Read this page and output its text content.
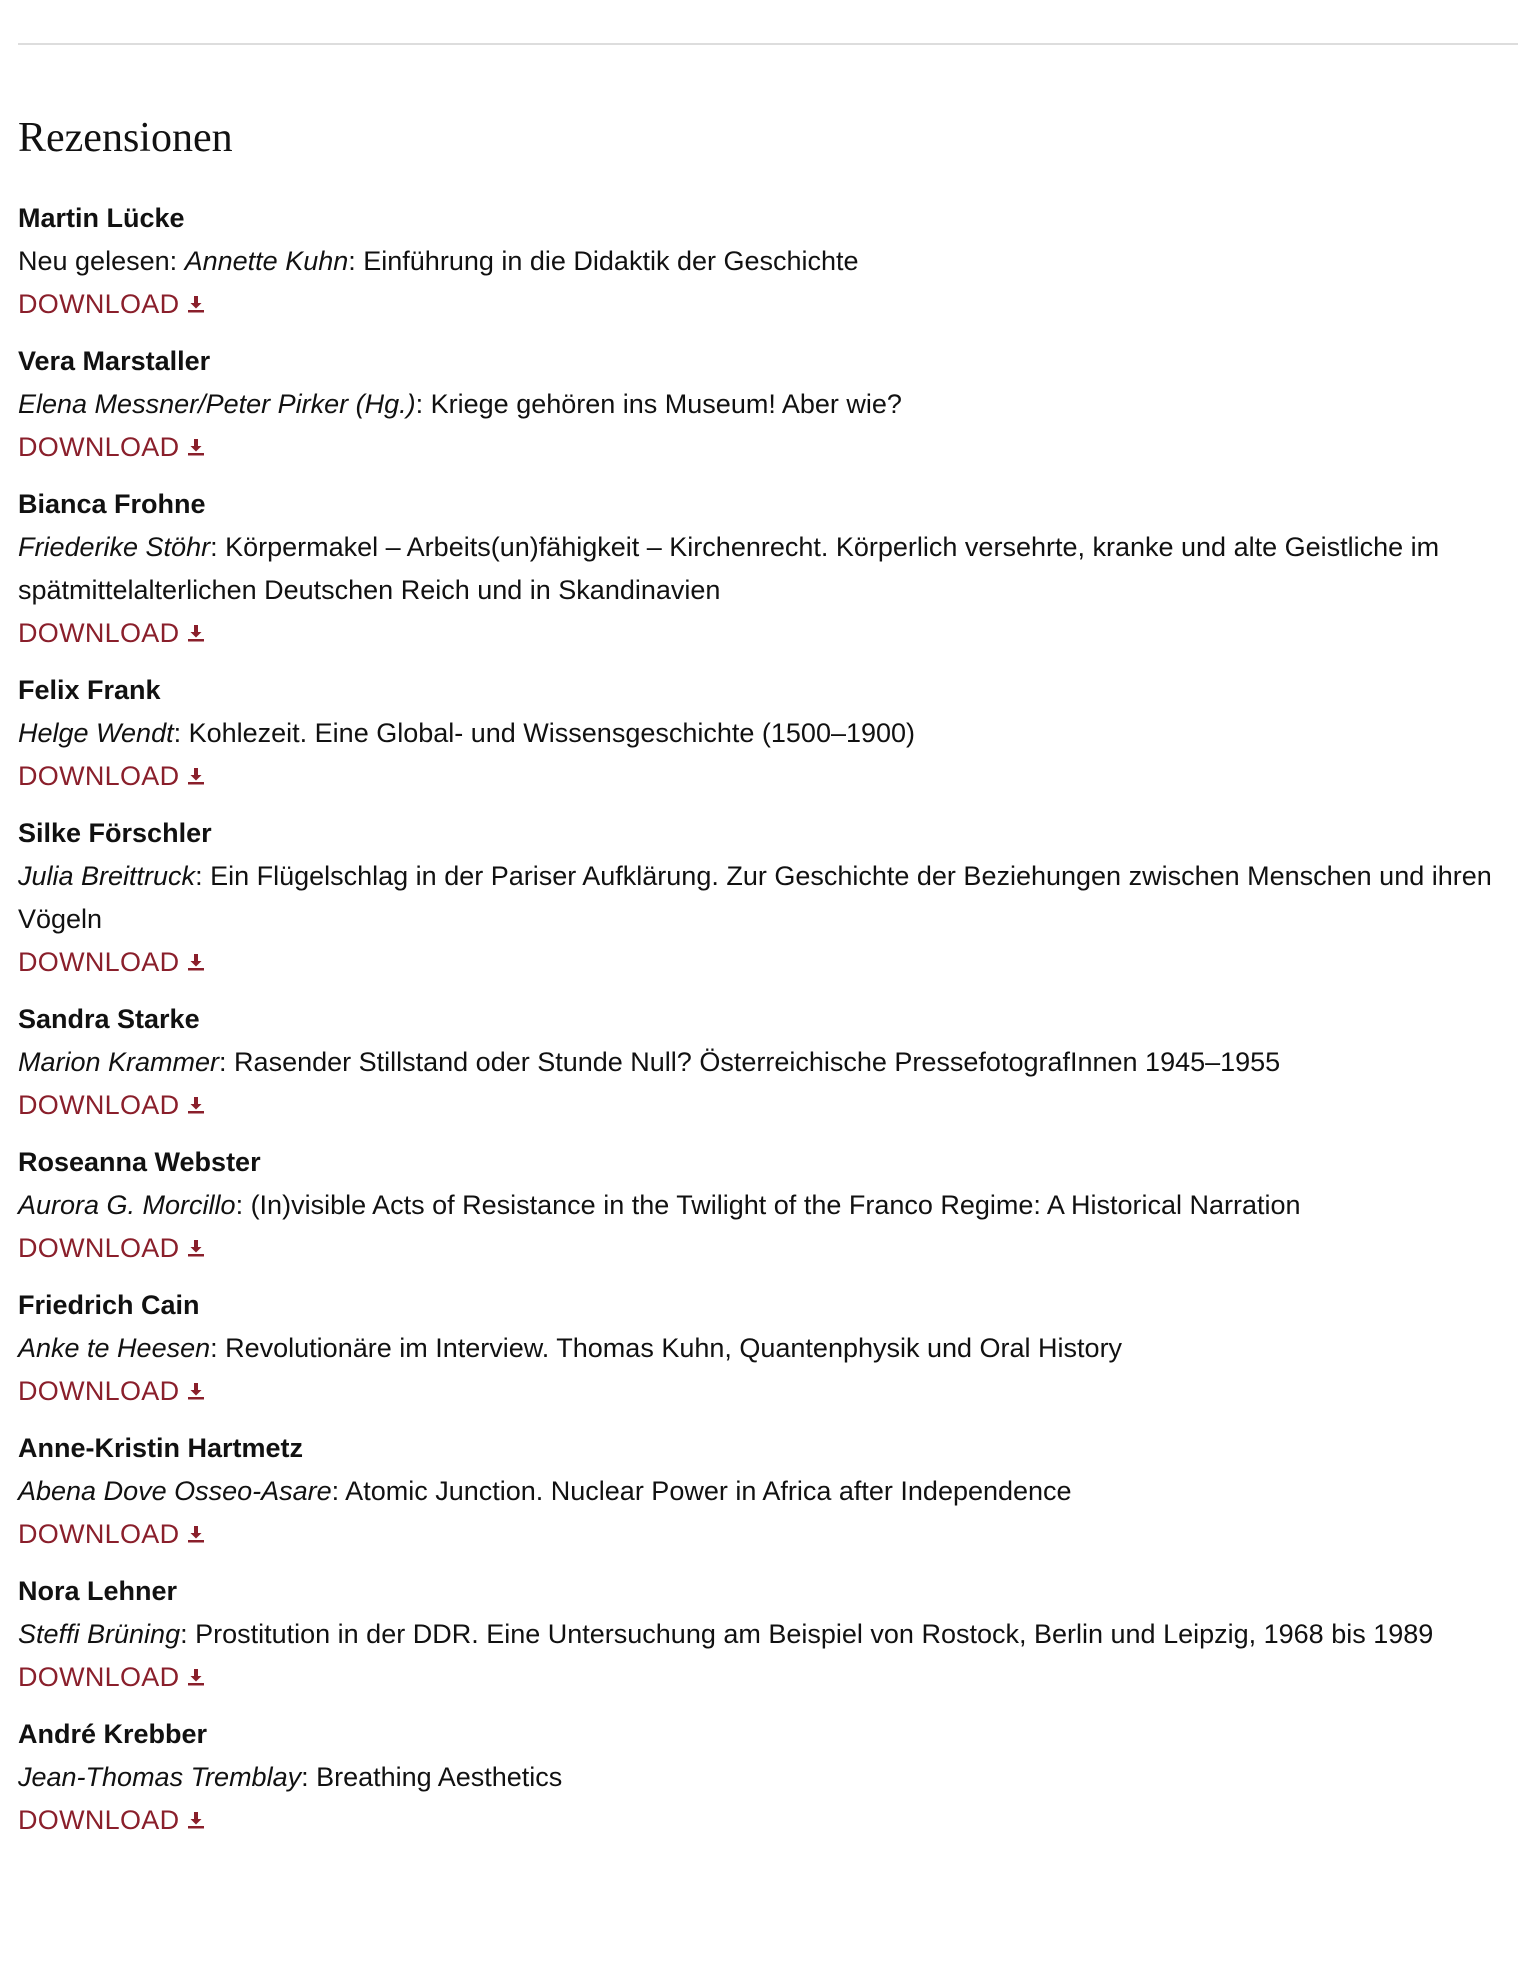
Rezensionen
Martin Lücke
Neu gelesen: Annette Kuhn: Einführung in die Didaktik der Geschichte
DOWNLOAD
Vera Marstaller
Elena Messner/Peter Pirker (Hg.): Kriege gehören ins Museum! Aber wie?
DOWNLOAD
Bianca Frohne
Friederike Stöhr: Körpermakel – Arbeits(un)fähigkeit – Kirchenrecht. Körperlich versehrte, kranke und alte Geistliche im spätmittelalterlichen Deutschen Reich und in Skandinavien
DOWNLOAD
Felix Frank
Helge Wendt: Kohlezeit. Eine Global- und Wissensgeschichte (1500–1900)
DOWNLOAD
Silke Förschler
Julia Breittruck: Ein Flügelschlag in der Pariser Aufklärung. Zur Geschichte der Beziehungen zwischen Menschen und ihren Vögeln
DOWNLOAD
Sandra Starke
Marion Krammer: Rasender Stillstand oder Stunde Null? Österreichische PressefotografInnen 1945–1955
DOWNLOAD
Roseanna Webster
Aurora G. Morcillo: (In)visible Acts of Resistance in the Twilight of the Franco Regime: A Historical Narration
DOWNLOAD
Friedrich Cain
Anke te Heesen: Revolutionäre im Interview. Thomas Kuhn, Quantenphysik und Oral History
DOWNLOAD
Anne-Kristin Hartmetz
Abena Dove Osseo-Asare: Atomic Junction. Nuclear Power in Africa after Independence
DOWNLOAD
Nora Lehner
Steffi Brüning: Prostitution in der DDR. Eine Untersuchung am Beispiel von Rostock, Berlin und Leipzig, 1968 bis 1989
DOWNLOAD
André Krebber
Jean-Thomas Tremblay: Breathing Aesthetics
DOWNLOAD
